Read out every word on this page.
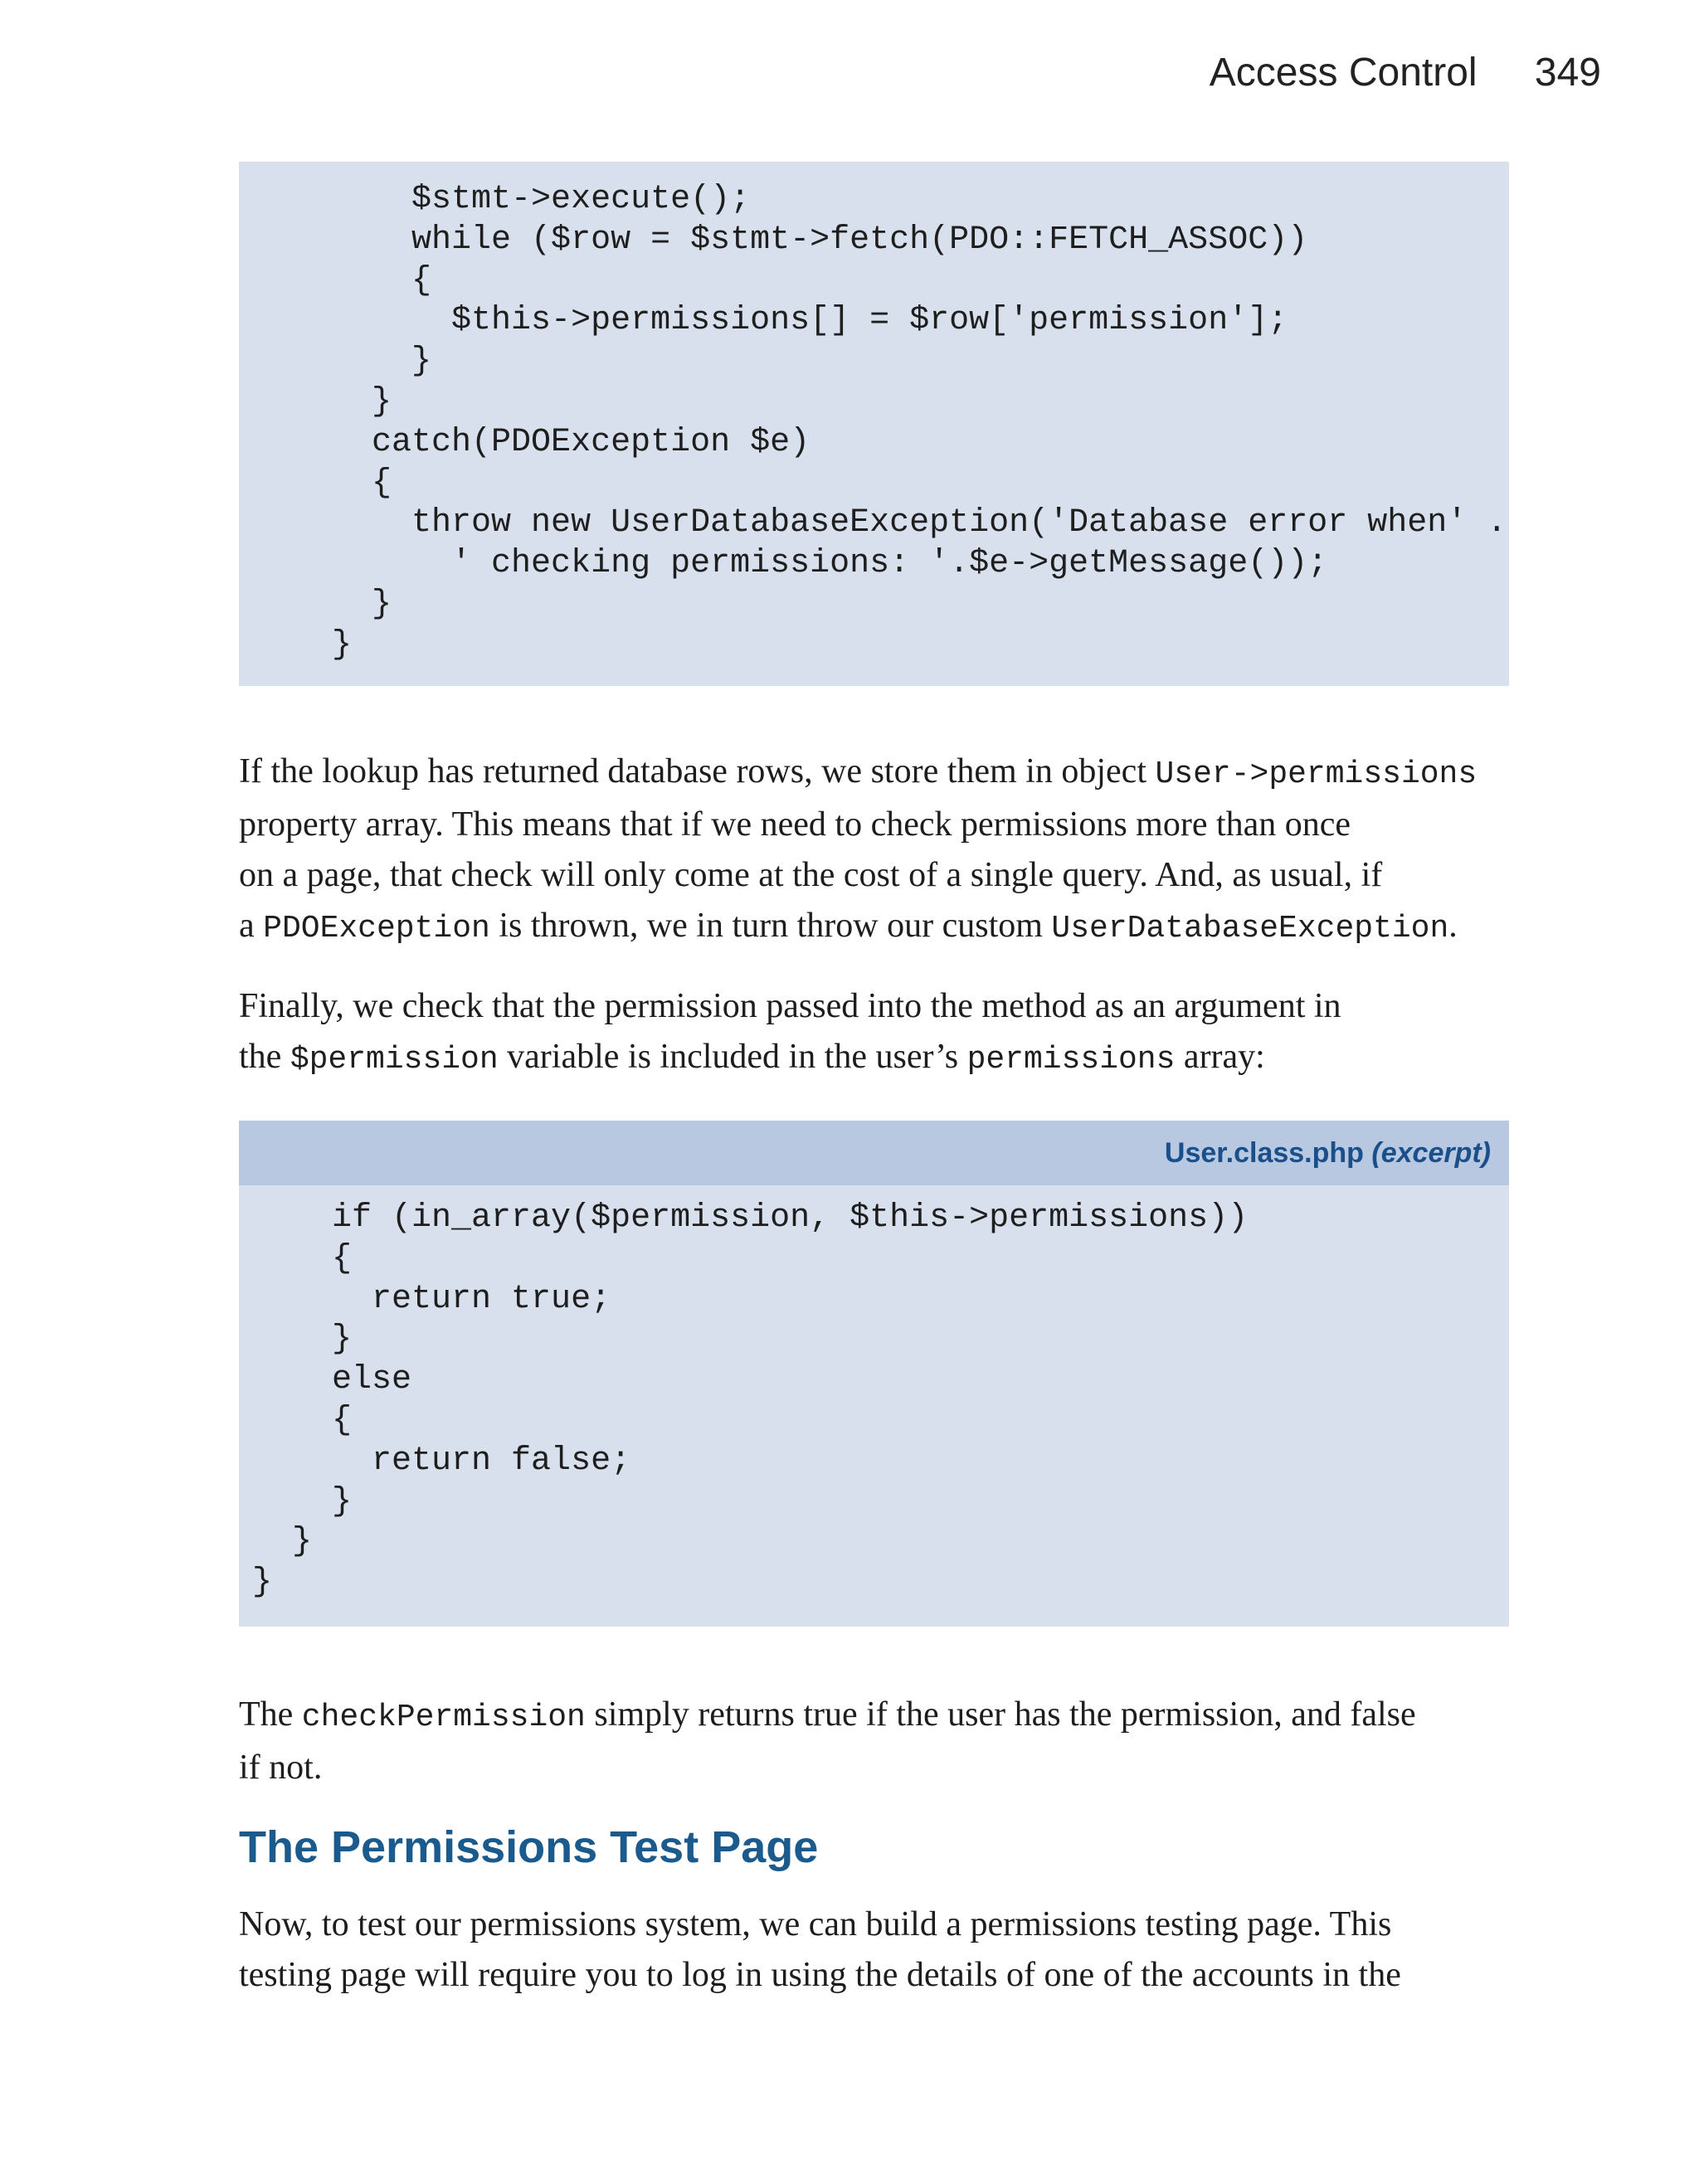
Access Control 349
$stmt->execute();
while ($row = $stmt->fetch(PDO::FETCH_ASSOC))
{
$this->permissions[] = $row['permission'];
}
}
catch(PDOException $e)
{
throw new UserDatabaseException('Database error when' .
' checking permissions: '.$e->getMessage());
}
}

If the lookup has returned database rows, we store them in object User->permissions
property array. This means that if we need to check permissions more than once
on a page, that check will only come at the cost of a single query. And, as usual, if
a PDOException is thrown, we in turn throw our custom UserDatabaseException.

Finally, we check that the permission passed into the method as an argument in
the $permission variable is included in the user’s permissions array:

User.class.php (excerpt)
if (in_array($permission, $this->permissions))
{
return true;
}
else
{
return false;
}
}
}

The checkPermission simply returns true if the user has the permission, and false
if not.

The Permissions Test Page

Now, to test our permissions system, we can build a permissions testing page. This
testing page will require you to log in using the details of one of the accounts in the
